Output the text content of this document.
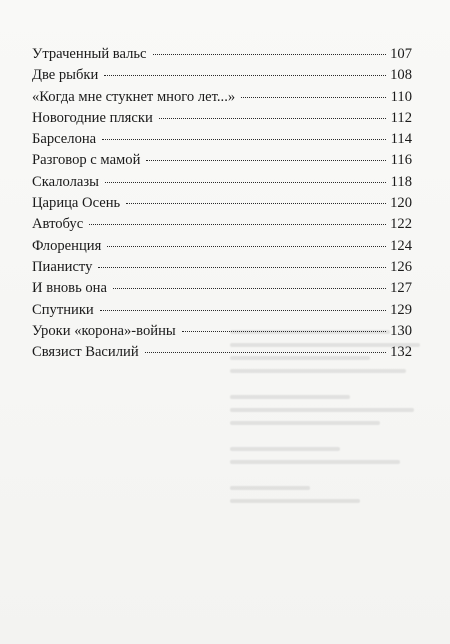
Утраченный вальс	107
Две рыбки	108
«Когда мне стукнет много лет...»	110
Новогодние пляски	112
Барселона	114
Разговор с мамой	116
Скалолазы	118
Царица Осень	120
Автобус	122
Флоренция	124
Пианисту	126
И вновь она	127
Спутники	129
Уроки «корона»-войны	130
Связист Василий	132
